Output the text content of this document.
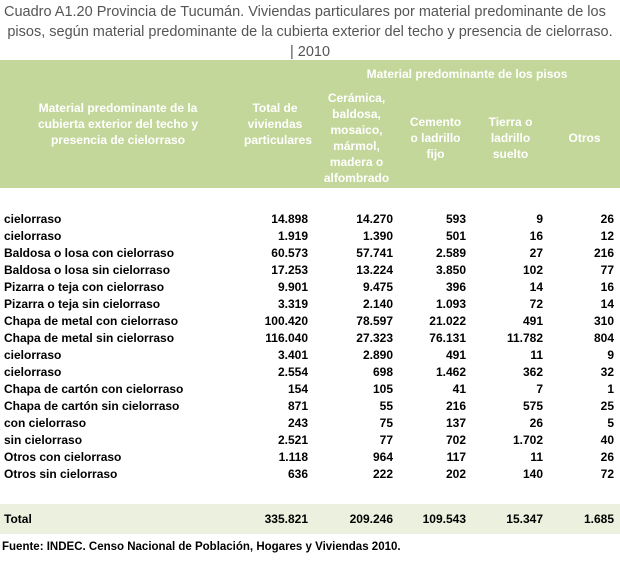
Cuadro A1.20 Provincia de Tucumán. Viviendas particulares por material predominante de los
pisos, según material predominante de la cubierta exterior del techo y presencia de cielorraso.
| 2010
Material predominante de la cubierta exterior del techo y presencia de cielorraso	Total de viviendas particulares	Material predominante de los pisos			
		Cerámica, baldosa, mosaico, mármol, madera o alfombrado	Cemento o ladrillo fijo	Tierra o ladrillo suelto	Otros

cielorraso	14.898	14.270	593	9	26
cielorraso	1.919	1.390	501	16	12
Baldosa o losa con cielorraso	60.573	57.741	2.589	27	216
Baldosa o losa sin cielorraso	17.253	13.224	3.850	102	77
Pizarra o teja con cielorraso	9.901	9.475	396	14	16
Pizarra o teja sin cielorraso	3.319	2.140	1.093	72	14
Chapa de metal con cielorraso	100.420	78.597	21.022	491	310
Chapa de metal sin cielorraso	116.040	27.323	76.131	11.782	804
cielorraso	3.401	2.890	491	11	9
cielorraso	2.554	698	1.462	362	32
Chapa de cartón con cielorraso	154	105	41	7	1
Chapa de cartón sin cielorraso	871	55	216	575	25
con cielorraso	243	75	137	26	5
sin cielorraso	2.521	77	702	1.702	40
Otros con cielorraso	1.118	964	117	11	26
Otros sin cielorraso	636	222	202	140	72

Total	335.821	209.246	109.543	15.347	1.685
Fuente: INDEC. Censo Nacional de Población, Hogares y Viviendas 2010.
